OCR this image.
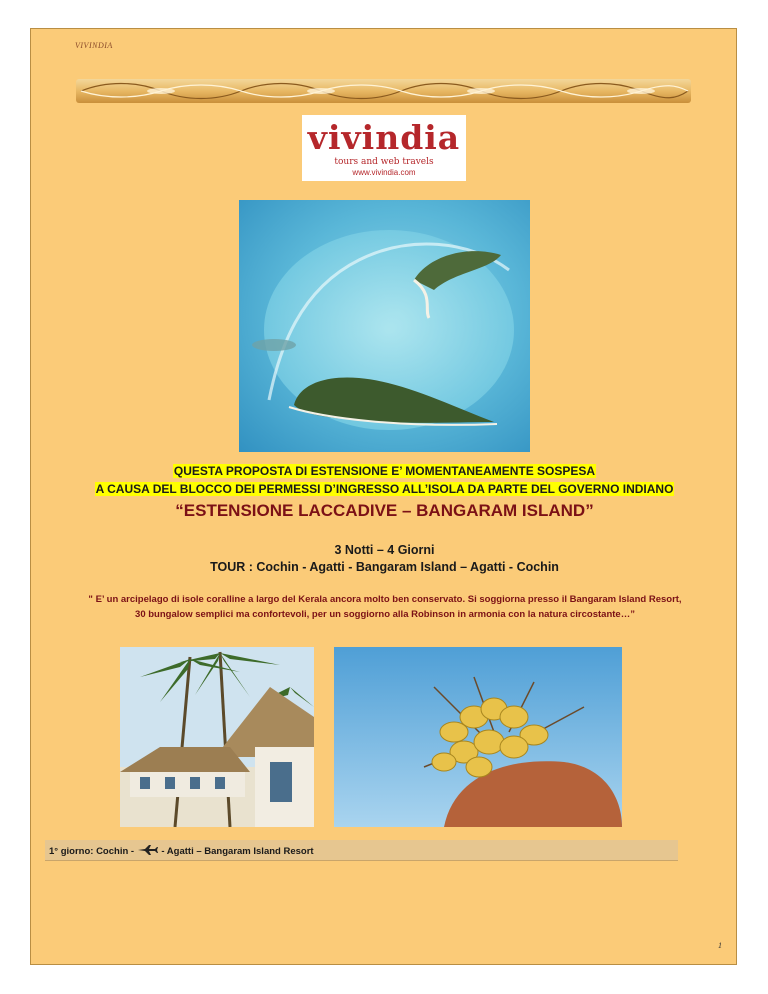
VIVINDIA
vivindia
tours and web travels
www.vivindia.com
QUESTA PROPOSTA DI ESTENSIONE E’ MOMENTANEAMENTE SOSPESA
A CAUSA DEL BLOCCO DEI PERMESSI D’INGRESSO ALL’ISOLA DA PARTE DEL GOVERNO INDIANO
“ESTENSIONE LACCADIVE – BANGARAM ISLAND”
3 Notti – 4 Giorni
TOUR : Cochin - Agatti - Bangaram Island – Agatti - Cochin
" E’ un arcipelago di isole coralline a largo del Kerala ancora molto ben conservato. Si soggiorna presso il Bangaram Island Resort, 30 bungalow semplici ma confortevoli, per un soggiorno alla Robinson in armonia con la natura circostante…”
1° giorno: Cochin -	- Agatti – Bangaram Island Resort
1
